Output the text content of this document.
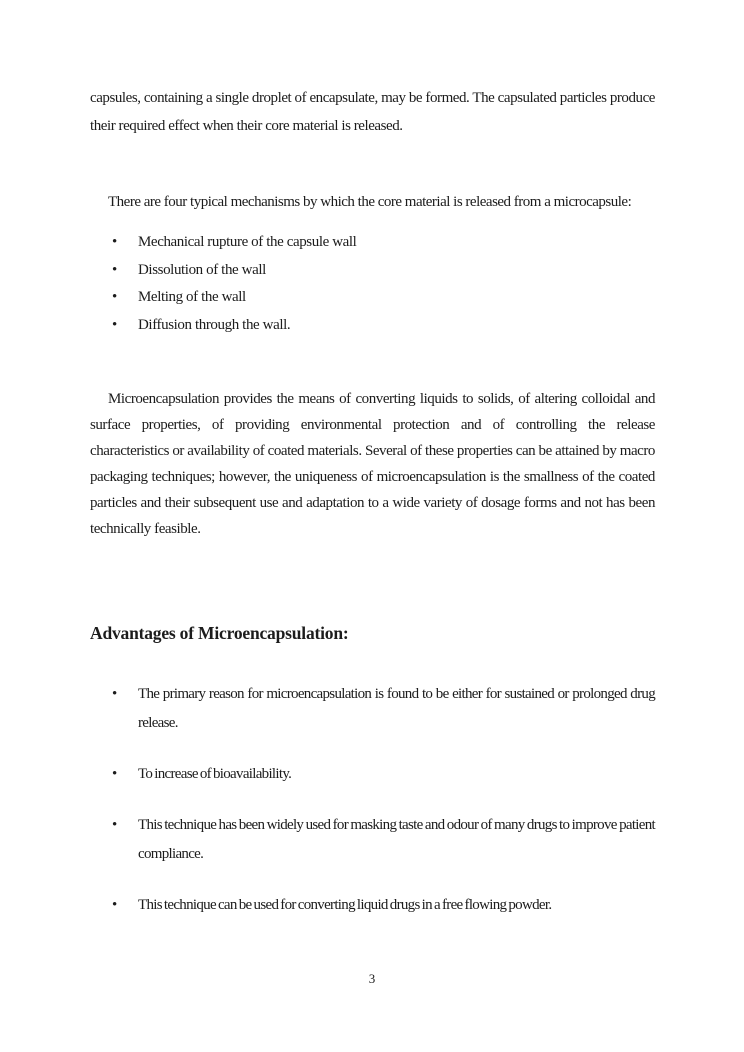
capsules, containing a single droplet of encapsulate, may be formed. The capsulated particles produce their required effect when their core material is released.

There are four typical mechanisms by which the core material is released from a microcapsule:

•
Mechanical rupture of the capsule wall
•
Dissolution of the wall
•
Melting of the wall
•
Diffusion through the wall.

Microencapsulation provides the means of converting liquids to solids, of altering colloidal and surface properties, of providing environmental protection and of controlling the release characteristics or availability of coated materials. Several of these properties can be attained by macro packaging techniques; however, the uniqueness of microencapsulation is the smallness of the coated particles and their subsequent use and adaptation to a wide variety of dosage forms and not has been technically feasible.

Advantages of Microencapsulation:
•
The primary reason for microencapsulation is found to be either for sustained or prolonged drug release.
•
To increase of bioavailability.
•
This technique has been widely used for masking taste and odour of many drugs to improve patient compliance.
•
This technique can be used for converting liquid drugs in a free flowing powder.
3
